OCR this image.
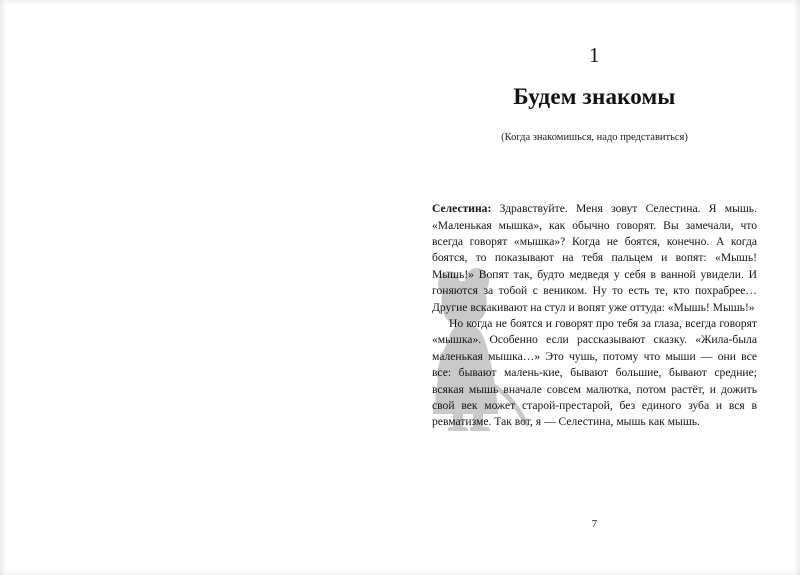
1
Будем знакомы
(Когда знакомишься, надо представиться)

Селестина: Здравствуйте. Меня зовут Селестина. Я мышь. «Маленькая мышка», как обычно говорят. Вы замечали, что всегда говорят «мышка»? Когда не боятся, конечно. А когда боятся, то показывают на тебя пальцем и вопят: «Мышь! Мышь!» Вопят так, будто медведя у себя в ванной увидели. И гоняются за тобой с веником. Ну то есть те, кто похрабрее… Другие вскакивают на стул и вопят уже оттуда: «Мышь! Мышь!»

Но когда не боятся и говорят про тебя за глаза, всегда говорят «мышка». Особенно если рассказывают сказку. «Жила-была маленькая мышка…» Это чушь, потому что мыши — они все все: бывают малень-кие, бывают большие, бывают средние; всякая мышь вначале совсем малютка, потом растёт, и дожить свой век может старой-престарой, без единого зуба и вся в ревматизме. Так вот, я — Селестина, мышь как мышь.

7
